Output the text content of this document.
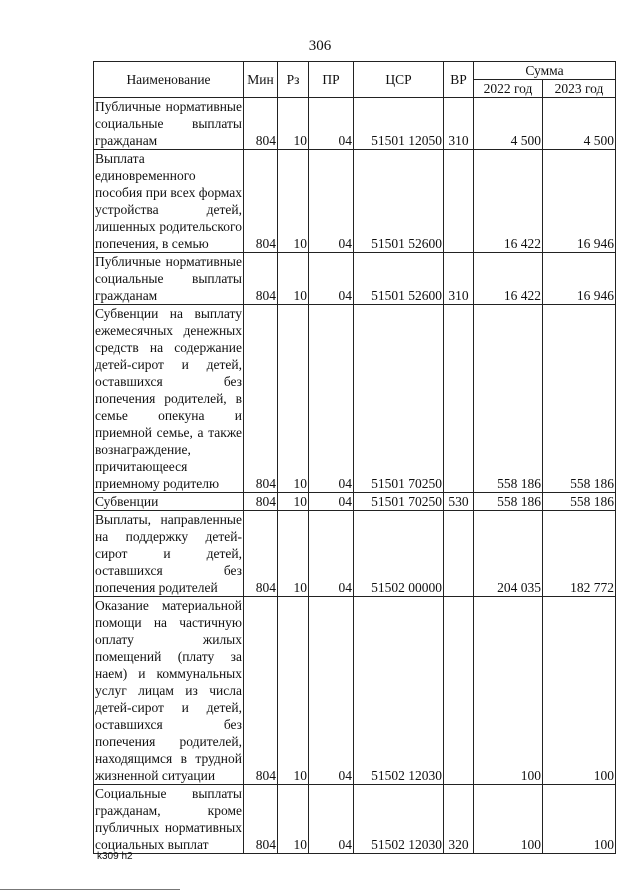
306
Наименование	Мин	Рз	ПР	ЦСР	ВР	Сумма	
						2022 год	2023 год
Публичные нормативные социальные выплаты гражданам	804	10	04	51501 12050	310	4 500	4 500
Выплата единовременного пособия при всех формах устройства детей, лишенных родительского попечения, в семью	804	10	04	51501 52600		16 422	16 946
Публичные нормативные социальные выплаты гражданам	804	10	04	51501 52600	310	16 422	16 946
Субвенции на выплату ежемесячных денежных средств на содержание детей-сирот и детей, оставшихся без попечения родителей, в семье опекуна и приемной семье, а также вознаграждение, причитающееся приемному родителю	804	10	04	51501 70250		558 186	558 186
Субвенции	804	10	04	51501 70250	530	558 186	558 186
Выплаты, направленные на поддержку детей-сирот и детей, оставшихся без попечения родителей	804	10	04	51502 00000		204 035	182 772
Оказание материальной помощи на частичную оплату жилых помещений (плату за наем) и коммунальных услуг лицам из числа детей-сирот и детей, оставшихся без попечения родителей, находящимся в трудной жизненной ситуации	804	10	04	51502 12030		100	100
Социальные выплаты гражданам, кроме публичных нормативных социальных выплат	804	10	04	51502 12030	320	100	100
k309 h2
